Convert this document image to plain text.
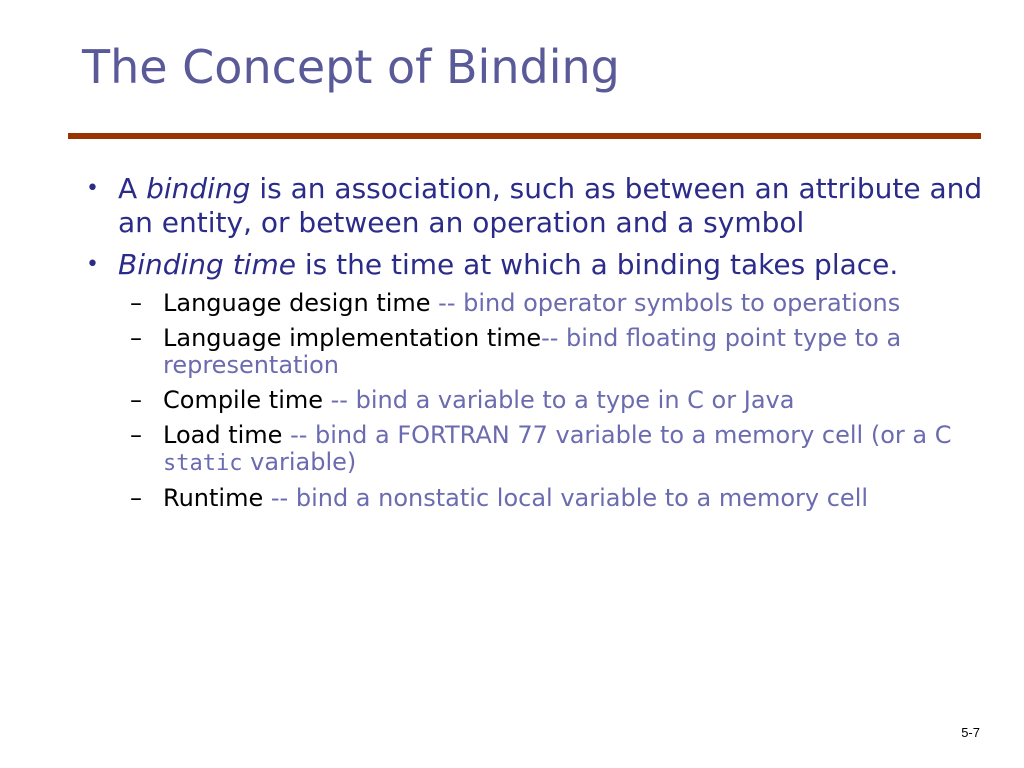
The Concept of Binding
• A binding is an association, such as between an attribute and an entity, or between an operation and a symbol
• Binding time is the time at which a binding takes place.
– Language design time -- bind operator symbols to operations
– Language implementation time-- bind floating point type to a representation
– Compile time -- bind a variable to a type in C or Java
– Load time -- bind a FORTRAN 77 variable to a memory cell (or a C static variable)
– Runtime -- bind a nonstatic local variable to a memory cell
5-7
